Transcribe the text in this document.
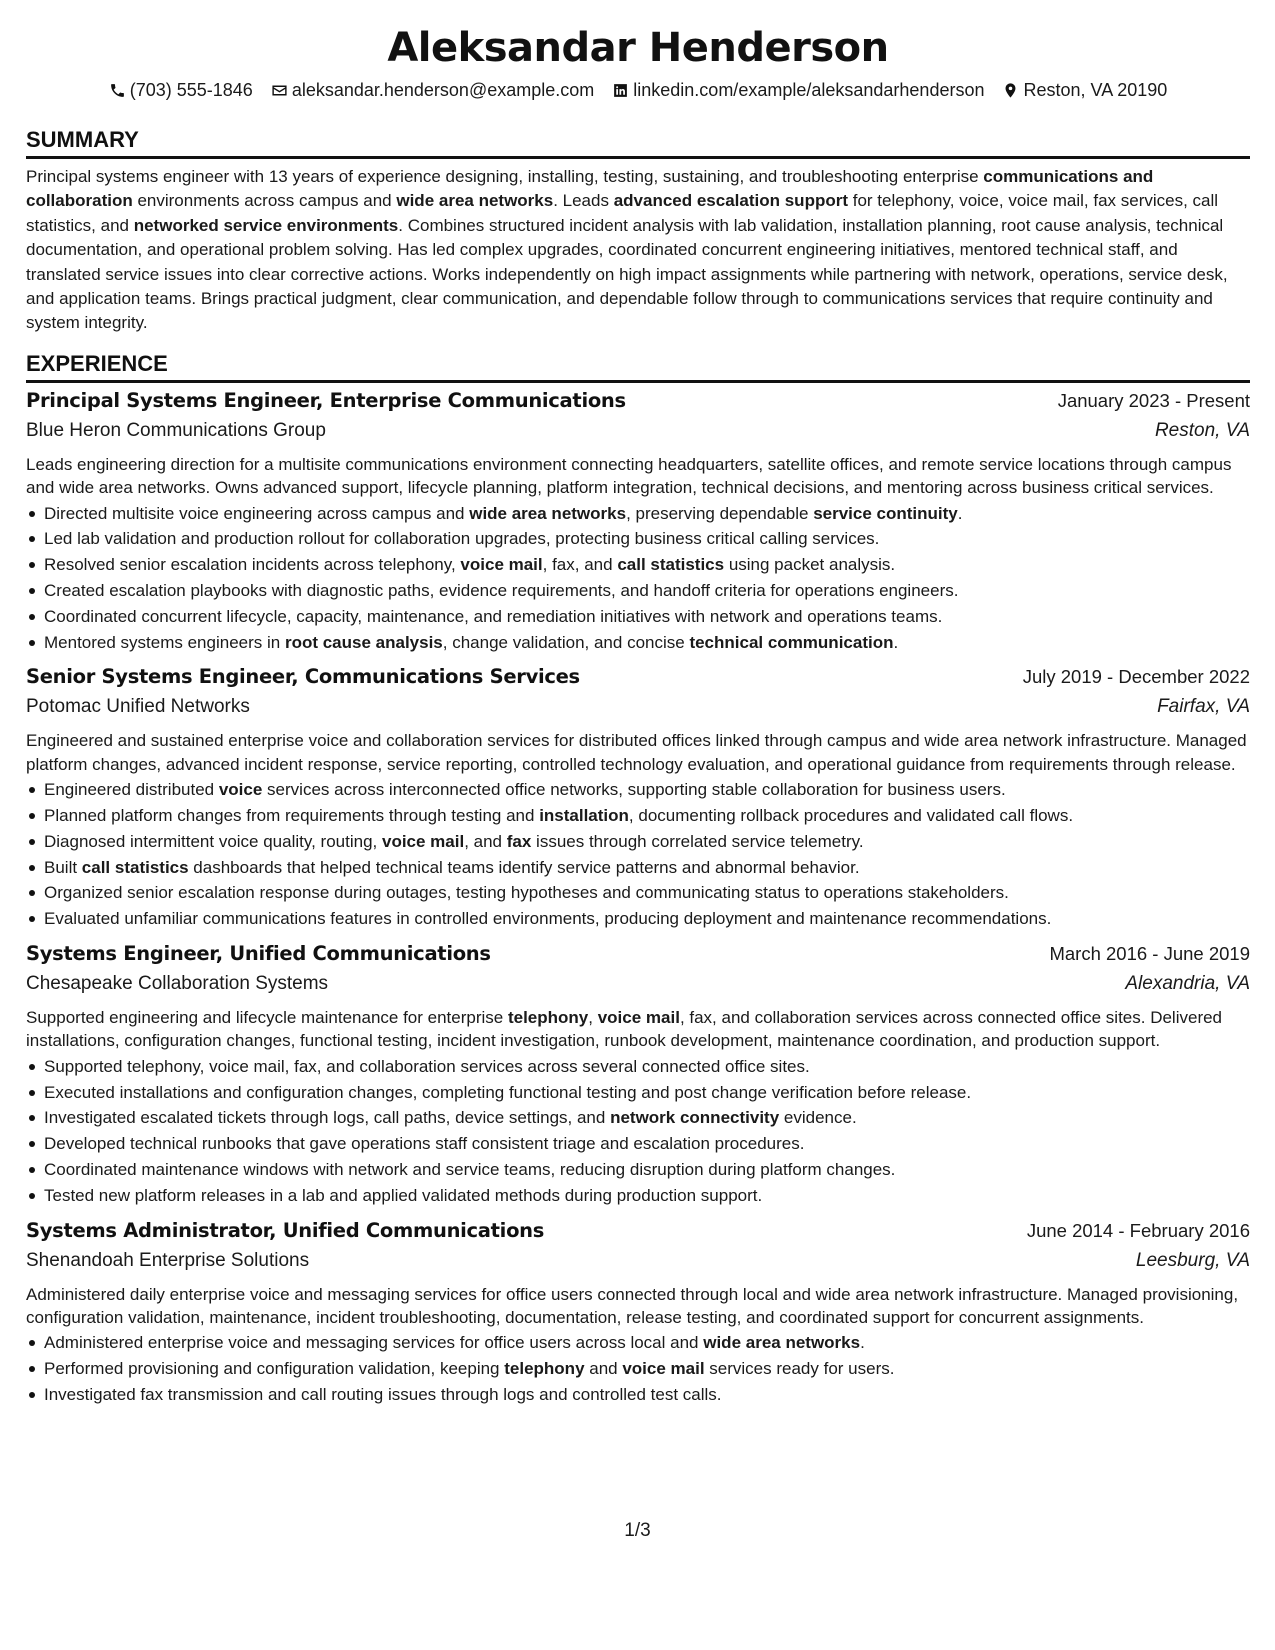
Aleksandar Henderson
(703) 555-1846 aleksandar.henderson@example.com linkedin.com/example/aleksandarhenderson Reston, VA 20190
SUMMARY
Principal systems engineer with 13 years of experience designing, installing, testing, sustaining, and troubleshooting enterprise communications and collaboration environments across campus and wide area networks. Leads advanced escalation support for telephony, voice, voice mail, fax services, call statistics, and networked service environments. Combines structured incident analysis with lab validation, installation planning, root cause analysis, technical documentation, and operational problem solving. Has led complex upgrades, coordinated concurrent engineering initiatives, mentored technical staff, and translated service issues into clear corrective actions. Works independently on high impact assignments while partnering with network, operations, service desk, and application teams. Brings practical judgment, clear communication, and dependable follow through to communications services that require continuity and system integrity.
EXPERIENCE
Principal Systems Engineer, Enterprise Communications	January 2023 - Present
Blue Heron Communications Group	Reston, VA
Leads engineering direction for a multisite communications environment connecting headquarters, satellite offices, and remote service locations through campus and wide area networks. Owns advanced support, lifecycle planning, platform integration, technical decisions, and mentoring across business critical services.
Directed multisite voice engineering across campus and wide area networks, preserving dependable service continuity.
Led lab validation and production rollout for collaboration upgrades, protecting business critical calling services.
Resolved senior escalation incidents across telephony, voice mail, fax, and call statistics using packet analysis.
Created escalation playbooks with diagnostic paths, evidence requirements, and handoff criteria for operations engineers.
Coordinated concurrent lifecycle, capacity, maintenance, and remediation initiatives with network and operations teams.
Mentored systems engineers in root cause analysis, change validation, and concise technical communication.
Senior Systems Engineer, Communications Services	July 2019 - December 2022
Potomac Unified Networks	Fairfax, VA
Engineered and sustained enterprise voice and collaboration services for distributed offices linked through campus and wide area network infrastructure. Managed platform changes, advanced incident response, service reporting, controlled technology evaluation, and operational guidance from requirements through release.
Engineered distributed voice services across interconnected office networks, supporting stable collaboration for business users.
Planned platform changes from requirements through testing and installation, documenting rollback procedures and validated call flows.
Diagnosed intermittent voice quality, routing, voice mail, and fax issues through correlated service telemetry.
Built call statistics dashboards that helped technical teams identify service patterns and abnormal behavior.
Organized senior escalation response during outages, testing hypotheses and communicating status to operations stakeholders.
Evaluated unfamiliar communications features in controlled environments, producing deployment and maintenance recommendations.
Systems Engineer, Unified Communications	March 2016 - June 2019
Chesapeake Collaboration Systems	Alexandria, VA
Supported engineering and lifecycle maintenance for enterprise telephony, voice mail, fax, and collaboration services across connected office sites. Delivered installations, configuration changes, functional testing, incident investigation, runbook development, maintenance coordination, and production support.
Supported telephony, voice mail, fax, and collaboration services across several connected office sites.
Executed installations and configuration changes, completing functional testing and post change verification before release.
Investigated escalated tickets through logs, call paths, device settings, and network connectivity evidence.
Developed technical runbooks that gave operations staff consistent triage and escalation procedures.
Coordinated maintenance windows with network and service teams, reducing disruption during platform changes.
Tested new platform releases in a lab and applied validated methods during production support.
Systems Administrator, Unified Communications	June 2014 - February 2016
Shenandoah Enterprise Solutions	Leesburg, VA
Administered daily enterprise voice and messaging services for office users connected through local and wide area network infrastructure. Managed provisioning, configuration validation, maintenance, incident troubleshooting, documentation, release testing, and coordinated support for concurrent assignments.
Administered enterprise voice and messaging services for office users across local and wide area networks.
Performed provisioning and configuration validation, keeping telephony and voice mail services ready for users.
Investigated fax transmission and call routing issues through logs and controlled test calls.
1/3
